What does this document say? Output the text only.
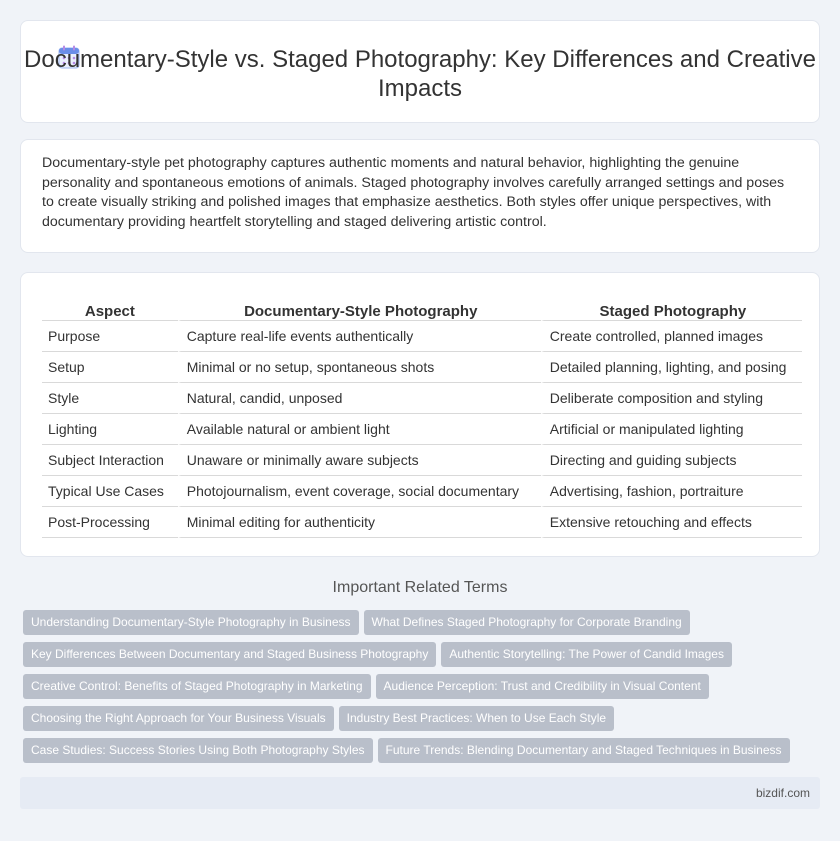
Documentary-Style vs. Staged Photography: Key Differences and Creative Impacts

Documentary-style pet photography captures authentic moments and natural behavior, highlighting the genuine personality and spontaneous emotions of animals. Staged photography involves carefully arranged settings and poses to create visually striking and polished images that emphasize aesthetics. Both styles offer unique perspectives, with documentary providing heartfelt storytelling and staged delivering artistic control.

Aspect	Documentary-Style Photography	Staged Photography
Purpose	Capture real-life events authentically	Create controlled, planned images
Setup	Minimal or no setup, spontaneous shots	Detailed planning, lighting, and posing
Style	Natural, candid, unposed	Deliberate composition and styling
Lighting	Available natural or ambient light	Artificial or manipulated lighting
Subject Interaction	Unaware or minimally aware subjects	Directing and guiding subjects
Typical Use Cases	Photojournalism, event coverage, social documentary	Advertising, fashion, portraiture
Post-Processing	Minimal editing for authenticity	Extensive retouching and effects
Important Related Terms
Understanding Documentary-Style Photography in Business What Defines Staged Photography for Corporate Branding
Key Differences Between Documentary and Staged Business Photography Authentic Storytelling: The Power of Candid Images
Creative Control: Benefits of Staged Photography in Marketing Audience Perception: Trust and Credibility in Visual Content
Choosing the Right Approach for Your Business Visuals Industry Best Practices: When to Use Each Style
Case Studies: Success Stories Using Both Photography Styles Future Trends: Blending Documentary and Staged Techniques in Business
bizdif.com
